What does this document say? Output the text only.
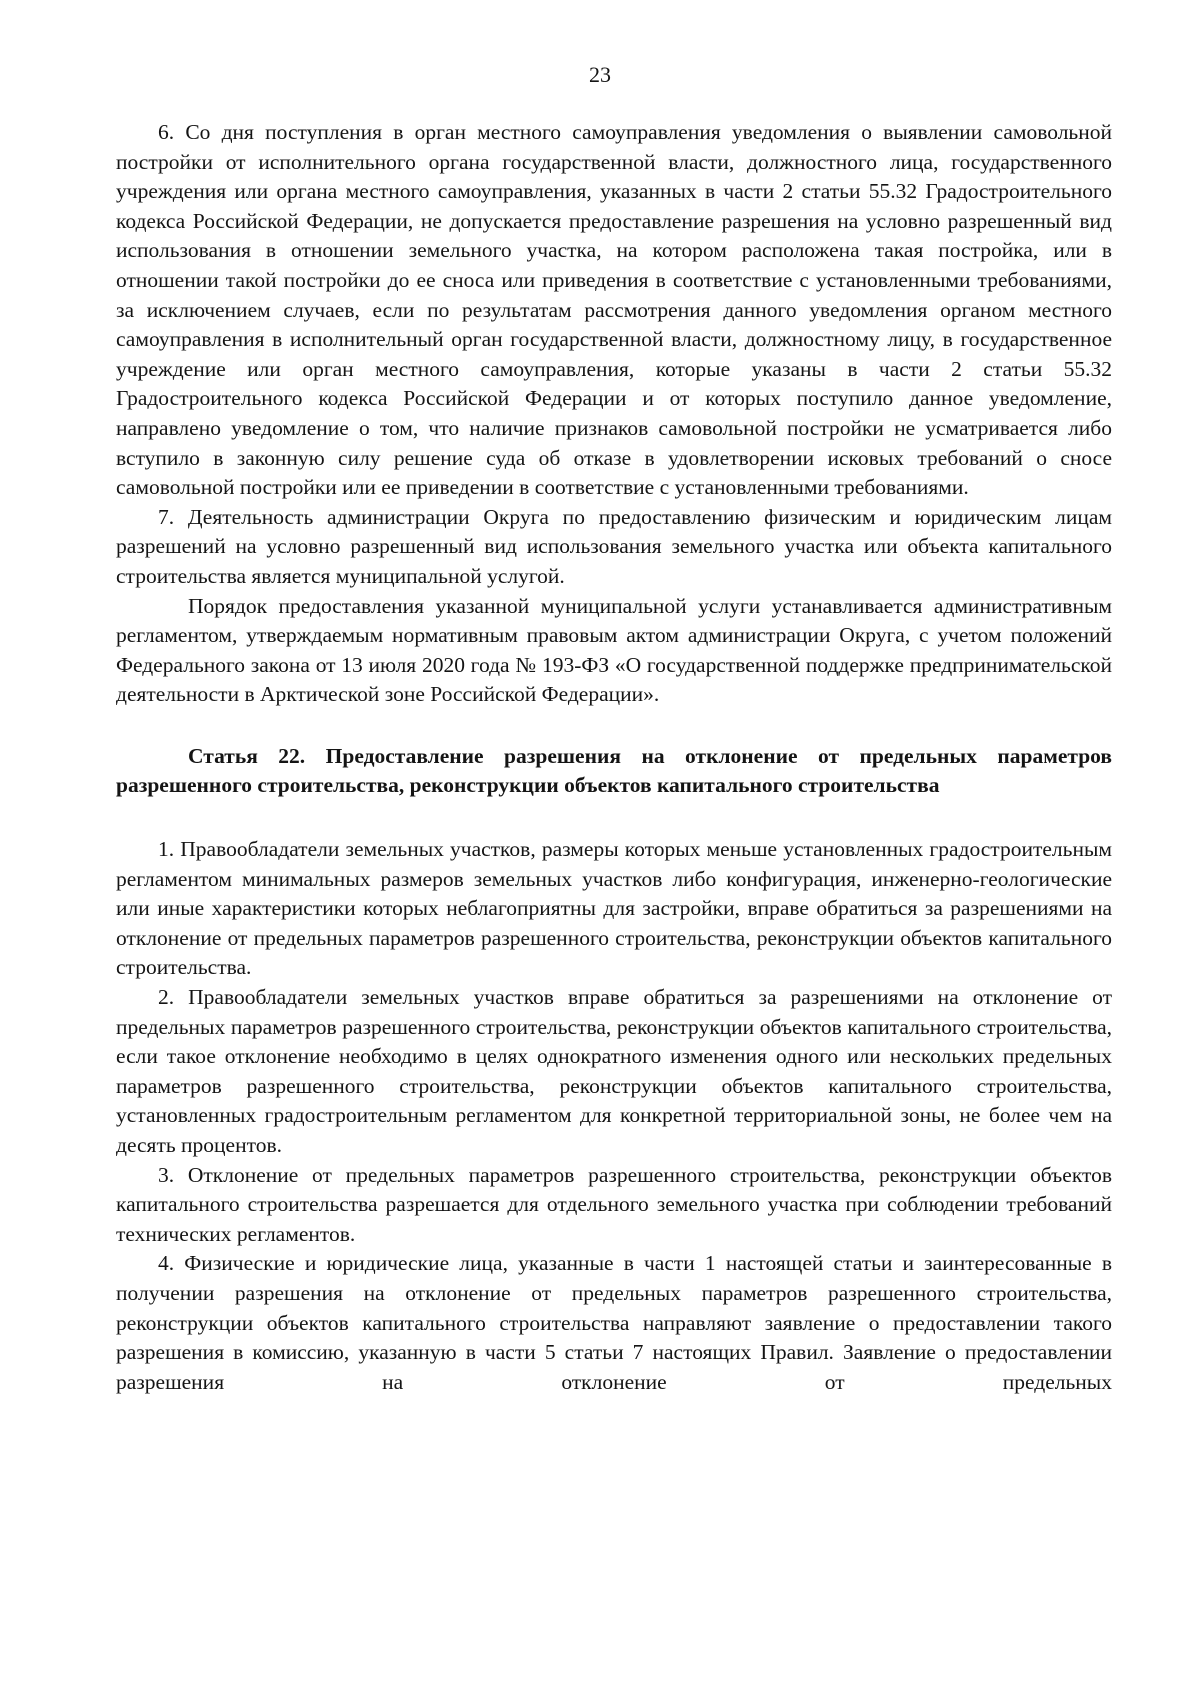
23

6. Со дня поступления в орган местного самоуправления уведомления о выявлении самовольной постройки от исполнительного органа государственной власти, должностного лица, государственного учреждения или органа местного самоуправления, указанных в части 2 статьи 55.32 Градостроительного кодекса Российской Федерации, не допускается предоставление разрешения на условно разрешенный вид использования в отношении земельного участка, на котором расположена такая постройка, или в отношении такой постройки до ее сноса или приведения в соответствие с установленными требованиями, за исключением случаев, если по результатам рассмотрения данного уведомления органом местного самоуправления в исполнительный орган государственной власти, должностному лицу, в государственное учреждение или орган местного самоуправления, которые указаны в части 2 статьи 55.32 Градостроительного кодекса Российской Федерации и от которых поступило данное уведомление, направлено уведомление о том, что наличие признаков самовольной постройки не усматривается либо вступило в законную силу решение суда об отказе в удовлетворении исковых требований о сносе самовольной постройки или ее приведении в соответствие с установленными требованиями.

7. Деятельность администрации Округа по предоставлению физическим и юридическим лицам разрешений на условно разрешенный вид использования земельного участка или объекта капитального строительства является муниципальной услугой.

Порядок предоставления указанной муниципальной услуги устанавливается административным регламентом, утверждаемым нормативным правовым актом администрации Округа, с учетом положений Федерального закона от 13 июля 2020 года № 193-ФЗ «О государственной поддержке предпринимательской деятельности в Арктической зоне Российской Федерации».

Статья 22. Предоставление разрешения на отклонение от предельных параметров разрешенного строительства, реконструкции объектов капитального строительства

1. Правообладатели земельных участков, размеры которых меньше установленных градостроительным регламентом минимальных размеров земельных участков либо конфигурация, инженерно-геологические или иные характеристики которых неблагоприятны для застройки, вправе обратиться за разрешениями на отклонение от предельных параметров разрешенного строительства, реконструкции объектов капитального строительства.

2. Правообладатели земельных участков вправе обратиться за разрешениями на отклонение от предельных параметров разрешенного строительства, реконструкции объектов капитального строительства, если такое отклонение необходимо в целях однократного изменения одного или нескольких предельных параметров разрешенного строительства, реконструкции объектов капитального строительства, установленных градостроительным регламентом для конкретной территориальной зоны, не более чем на десять процентов.

3. Отклонение от предельных параметров разрешенного строительства, реконструкции объектов капитального строительства разрешается для отдельного земельного участка при соблюдении требований технических регламентов.

4. Физические и юридические лица, указанные в части 1 настоящей статьи и заинтересованные в получении разрешения на отклонение от предельных параметров разрешенного строительства, реконструкции объектов капитального строительства направляют заявление о предоставлении такого разрешения в комиссию, указанную в части 5 статьи 7 настоящих Правил. Заявление о предоставлении разрешения на отклонение от предельных
